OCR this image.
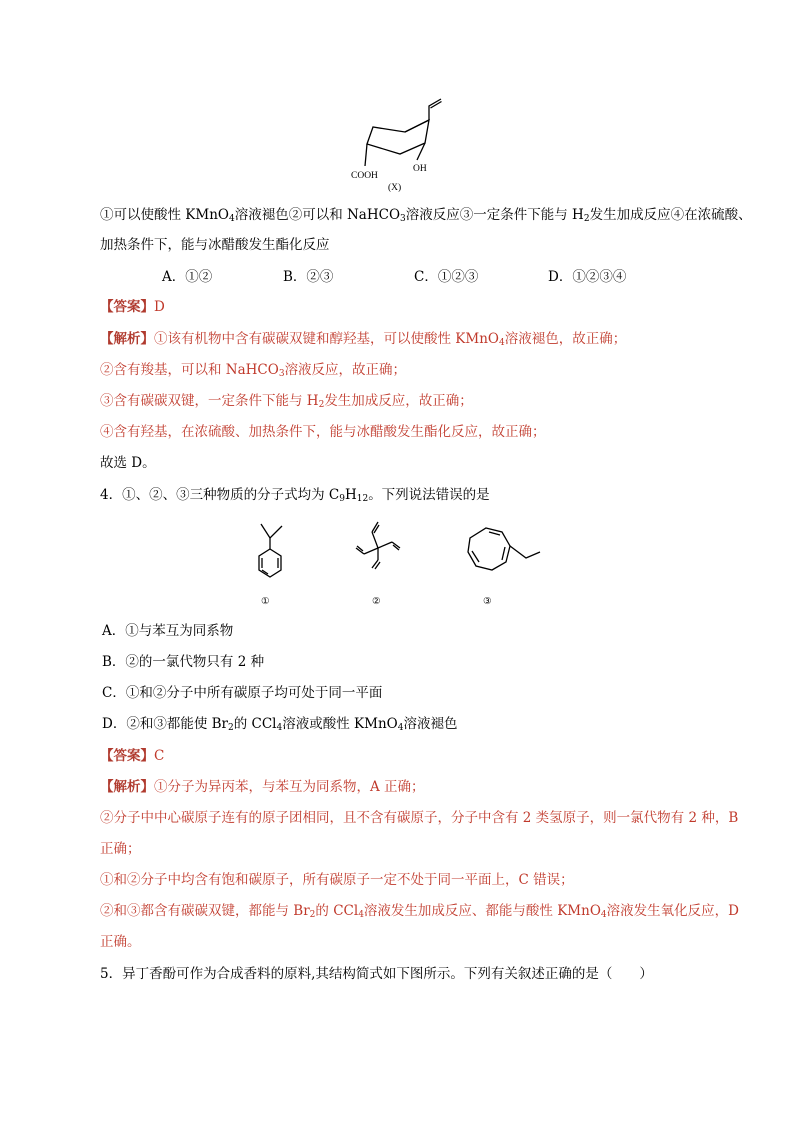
COOH
OH
(X)
①可以使酸性 KMnO$_4$溶液褪色②可以和 NaHCO$_3$溶液反应③一定条件下能与 $H_2$发生加成反应④在浓硫酸、
加热条件下，能与冰醋酸发生酯化反应
A．①②	B．②③	C．①②③	D．①②③④
【答案】D
【解析】①该有机物中含有碳碳双键和醇羟基，可以使酸性 KMnO$_4$溶液褪色，故正确；
②含有羧基，可以和 NaHCO$_3$溶液反应，故正确；
③含有碳碳双键，一定条件下能与 $H_2$发生加成反应，故正确；
④含有羟基，在浓硫酸、加热条件下，能与冰醋酸发生酯化反应，故正确；
故选 D。
4．①、②、③三种物质的分子式均为 $C_9H_{12}$。下列说法错误的是
①	②	③
A．①与苯互为同系物
B．②的一氯代物只有 2 种
C．①和②分子中所有碳原子均可处于同一平面
D．②和③都能使 $Br_2$的 CCl$_4$溶液或酸性 KMnO$_4$溶液褪色
【答案】C
【解析】①分子为异丙苯，与苯互为同系物，A 正确；
②分子中中心碳原子连有的原子团相同，且不含有碳原子，分子中含有 2 类氢原子，则一氯代物有 2 种，B
正确；
①和②分子中均含有饱和碳原子，所有碳原子一定不处于同一平面上，C 错误；
②和③都含有碳碳双键，都能与 $Br_2$的 CCl$_4$溶液发生加成反应、都能与酸性 KMnO$_4$溶液发生氧化反应，D
正确。
5．异丁香酚可作为合成香料的原料,其结构简式如下图所示。下列有关叙述正确的是（　　）
